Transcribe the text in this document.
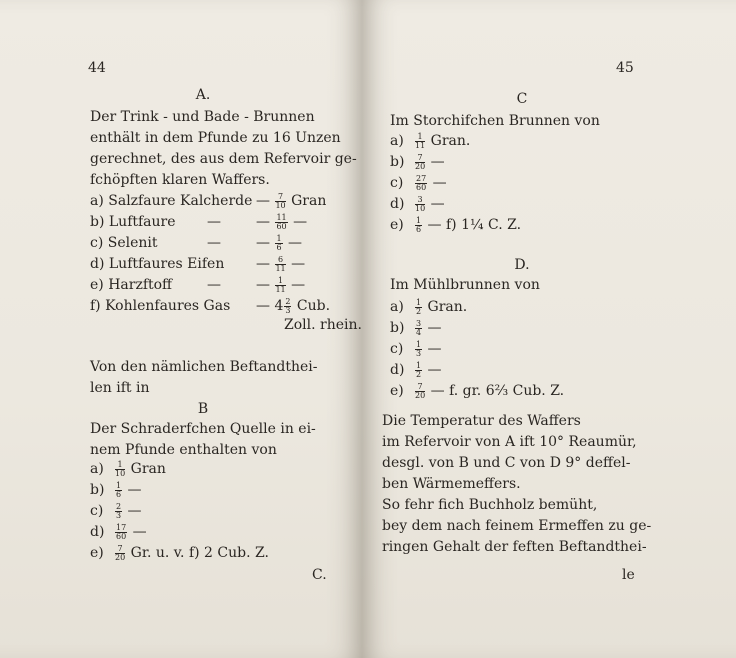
44
A.
Der Trink - und Bade - Brunnen
enthält in dem Pfunde zu 16 Unzen
gerechnet, des aus dem Refervoir ge-
fchöpften klaren Waffers.
a) Salzfaure Kalcherde — $\frac{7}{10}$ Gran
b) Luftfaure —	— $\frac{11}{60}$ —
c) Selenit	—	— $\frac{1}{6}$ —
d) Luftfaures Eifen — $\frac{6}{11}$ —
e) Harzftoff —	— $\frac{1}{11}$ —
f) Kohlenfaures Gas — $4 \frac{2}{3}$ Cub.
Zoll. rhein.
Von den nämlichen Beftandthei-
len ift in
B
Der Schraderfchen Quelle in ei-
nem Pfunde enthalten von
$a) \frac{1}{10}$ Gran
$b) \frac{1}{6}$ —
$c) \frac{2}{3}$ —
$d) \frac{17}{60}$ —
$e) \frac{7}{20} Gr$. u. v. f) 2 Cub. Z.
C.
45
C
Im Storchifchen Brunnen von
$a) \frac{1}{11}$ Gran.
$b) \frac{7}{20}$ —
$c) \frac{27}{60}$ —
$d) \frac{3}{10}$ —
$e) \frac{1}{6}$ — f) 1¼ C. Z.
D.
Im Mühlbrunnen von
$a) \frac{1}{2}$ Gran.
$b) \frac{3}{4}$ —
$c) \frac{1}{3}$ —
$d) \frac{1}{2}$ —
$e) \frac{7}{20}$ — f. gr. 6⅔ Cub. Z.
Die Temperatur des Waffers
im Refervoir von A ift 10° Reaumür,
desgl. von B und C von D 9° deffel-
ben Wärmemeffers.
So fehr fich Buchholz bemüht,
bey dem nach feinem Ermeffen zu ge-
ringen Gehalt der feften Beftandthei-
le
